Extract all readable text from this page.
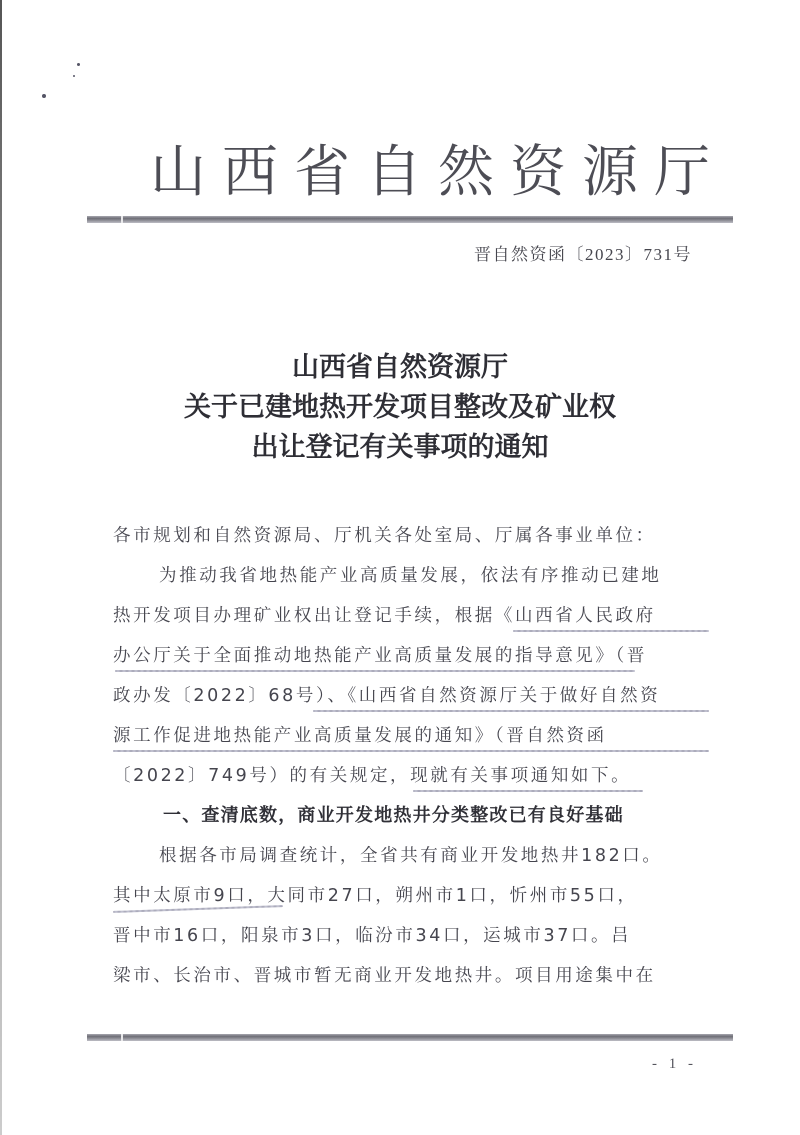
山西省自然资源厅
晋自然资函〔2023〕731号
山西省自然资源厅
关于已建地热开发项目整改及矿业权
出让登记有关事项的通知
各市规划和自然资源局、厅机关各处室局、厅属各事业单位：
为推动我省地热能产业高质量发展，依法有序推动已建地
热开发项目办理矿业权出让登记手续，根据《山西省人民政府
办公厅关于全面推动地热能产业高质量发展的指导意见》（晋
政办发〔2022〕68号）、《山西省自然资源厅关于做好自然资
源工作促进地热能产业高质量发展的通知》（晋自然资函
〔2022〕749号）的有关规定，现就有关事项通知如下。
一、查清底数，商业开发地热井分类整改已有良好基础
根据各市局调查统计，全省共有商业开发地热井182口。
其中太原市9口，大同市27口，朔州市1口，忻州市55口，
晋中市16口，阳泉市3口，临汾市34口，运城市37口。吕
梁市、长治市、晋城市暂无商业开发地热井。项目用途集中在
- 1 -
